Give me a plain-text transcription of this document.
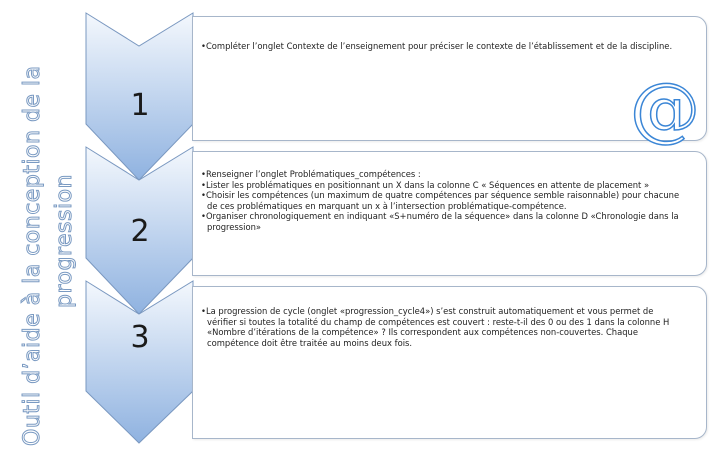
Outil d’aide à la conception de la progression
1
2
3

• Compléter l’onglet Contexte de l’enseignement pour préciser le contexte de l’établissement et de la discipline.

• Renseigner l’onglet Problématiques_compétences :

• Lister les problématiques en positionnant un X dans la colonne C « Séquences en attente de placement »

• Choisir les compétences (un maximum de quatre compétences par séquence semble raisonnable) pour chacune de ces problématiques en marquant un x à l’intersection problématique-compétence.

• Organiser chronologiquement en indiquant «S+numéro de la séquence» dans la colonne D «Chronologie dans la progression»

• La progression de cycle (onglet «progression_cycle4») s’est construit automatiquement et vous permet de vérifier si toutes la totalité du champ de compétences est couvert : reste-t-il des 0 ou des 1 dans la colonne H «Nombre d’itérations de la compétence» ? Ils correspondent aux compétences non-couvertes. Chaque compétence doit être traitée au moins deux fois.

@
